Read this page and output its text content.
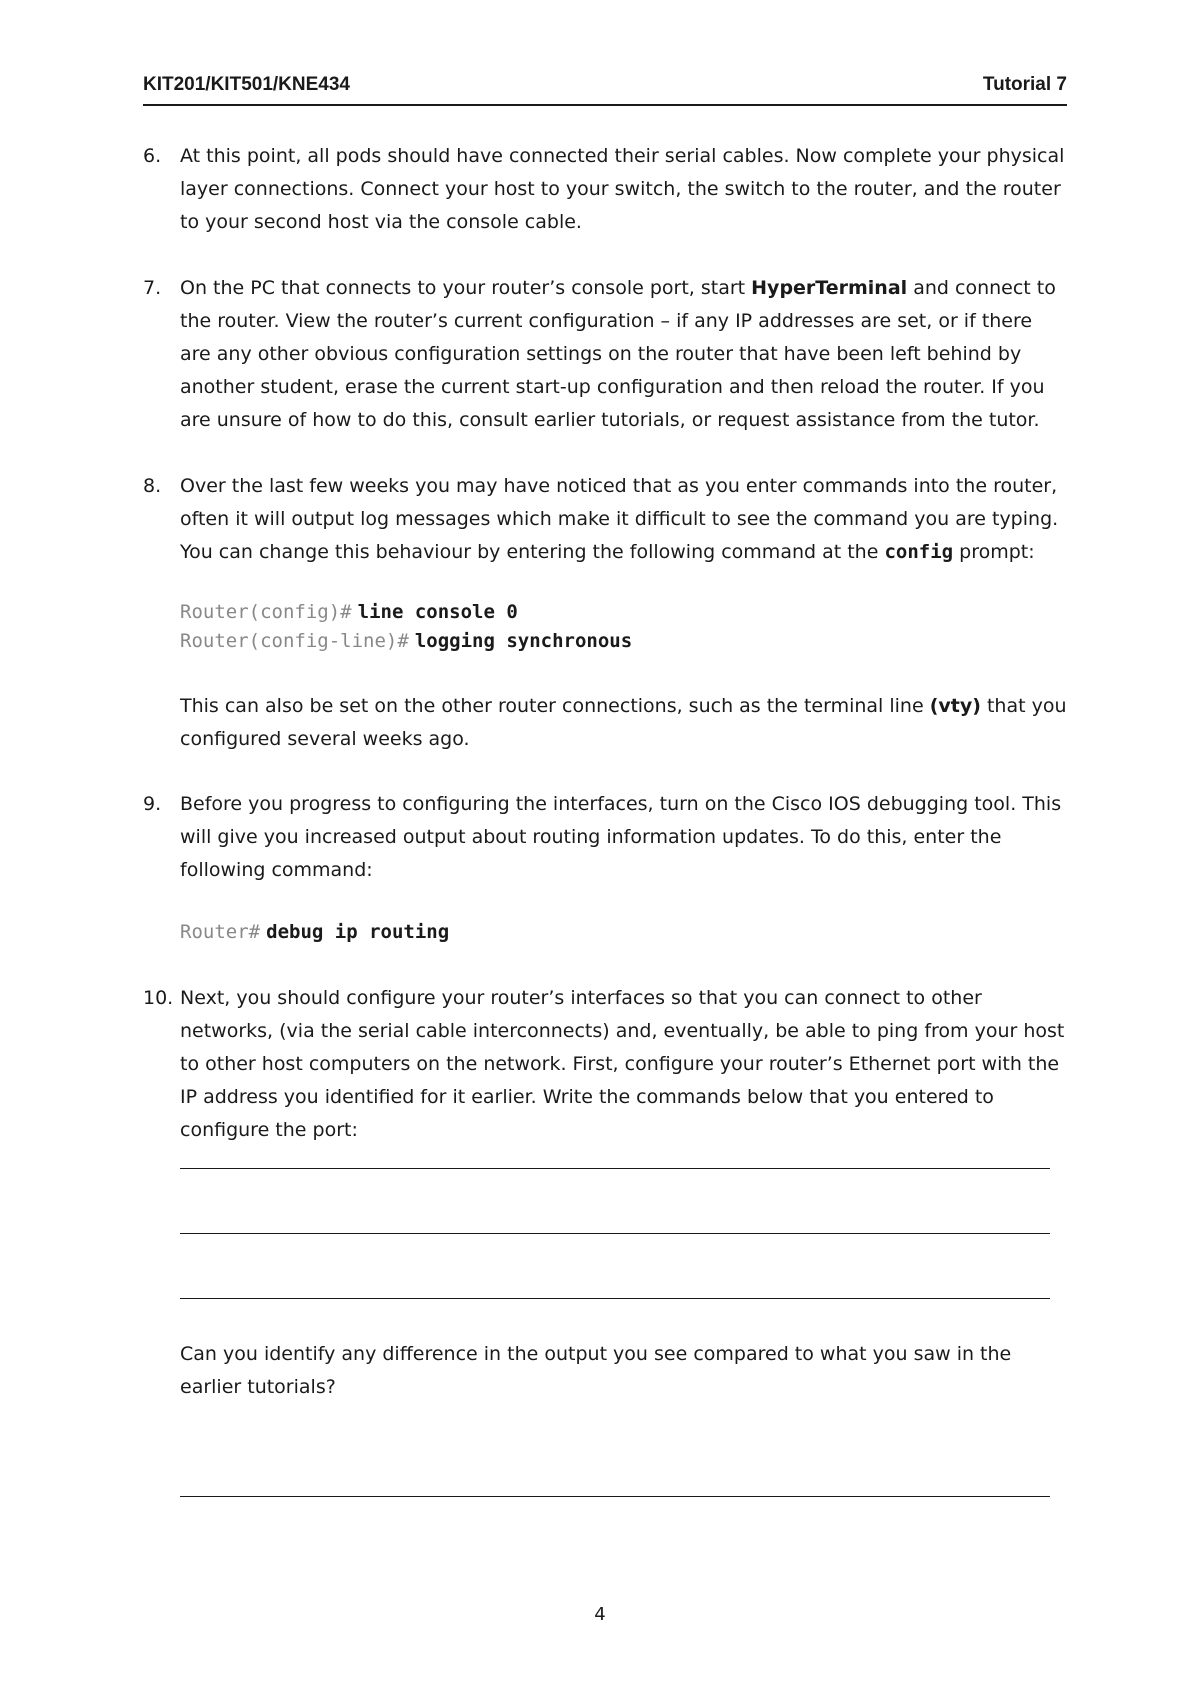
KIT201/KIT501/KNE434	Tutorial 7
6. At this point, all pods should have connected their serial cables. Now complete your physical layer connections. Connect your host to your switch, the switch to the router, and the router to your second host via the console cable.

7. On the PC that connects to your router’s console port, start HyperTerminal and connect to the router. View the router’s current configuration – if any IP addresses are set, or if there are any other obvious configuration settings on the router that have been left behind by another student, erase the current start-up configuration and then reload the router. If you are unsure of how to do this, consult earlier tutorials, or request assistance from the tutor.

8. Over the last few weeks you may have noticed that as you enter commands into the router, often it will output log messages which make it difficult to see the command you are typing. You can change this behaviour by entering the following command at the config prompt:

Router(config)# line console 0
Router(config-line)# logging synchronous

This can also be set on the other router connections, such as the terminal line (vty) that you configured several weeks ago.

9. Before you progress to configuring the interfaces, turn on the Cisco IOS debugging tool. This will give you increased output about routing information updates. To do this, enter the following command:

Router# debug ip routing
10. Next, you should configure your router’s interfaces so that you can connect to other networks, (via the serial cable interconnects) and, eventually, be able to ping from your host to other host computers on the network. First, configure your router’s Ethernet port with the IP address you identified for it earlier. Write the commands below that you entered to configure the port:

Can you identify any difference in the output you see compared to what you saw in the earlier tutorials?

4
